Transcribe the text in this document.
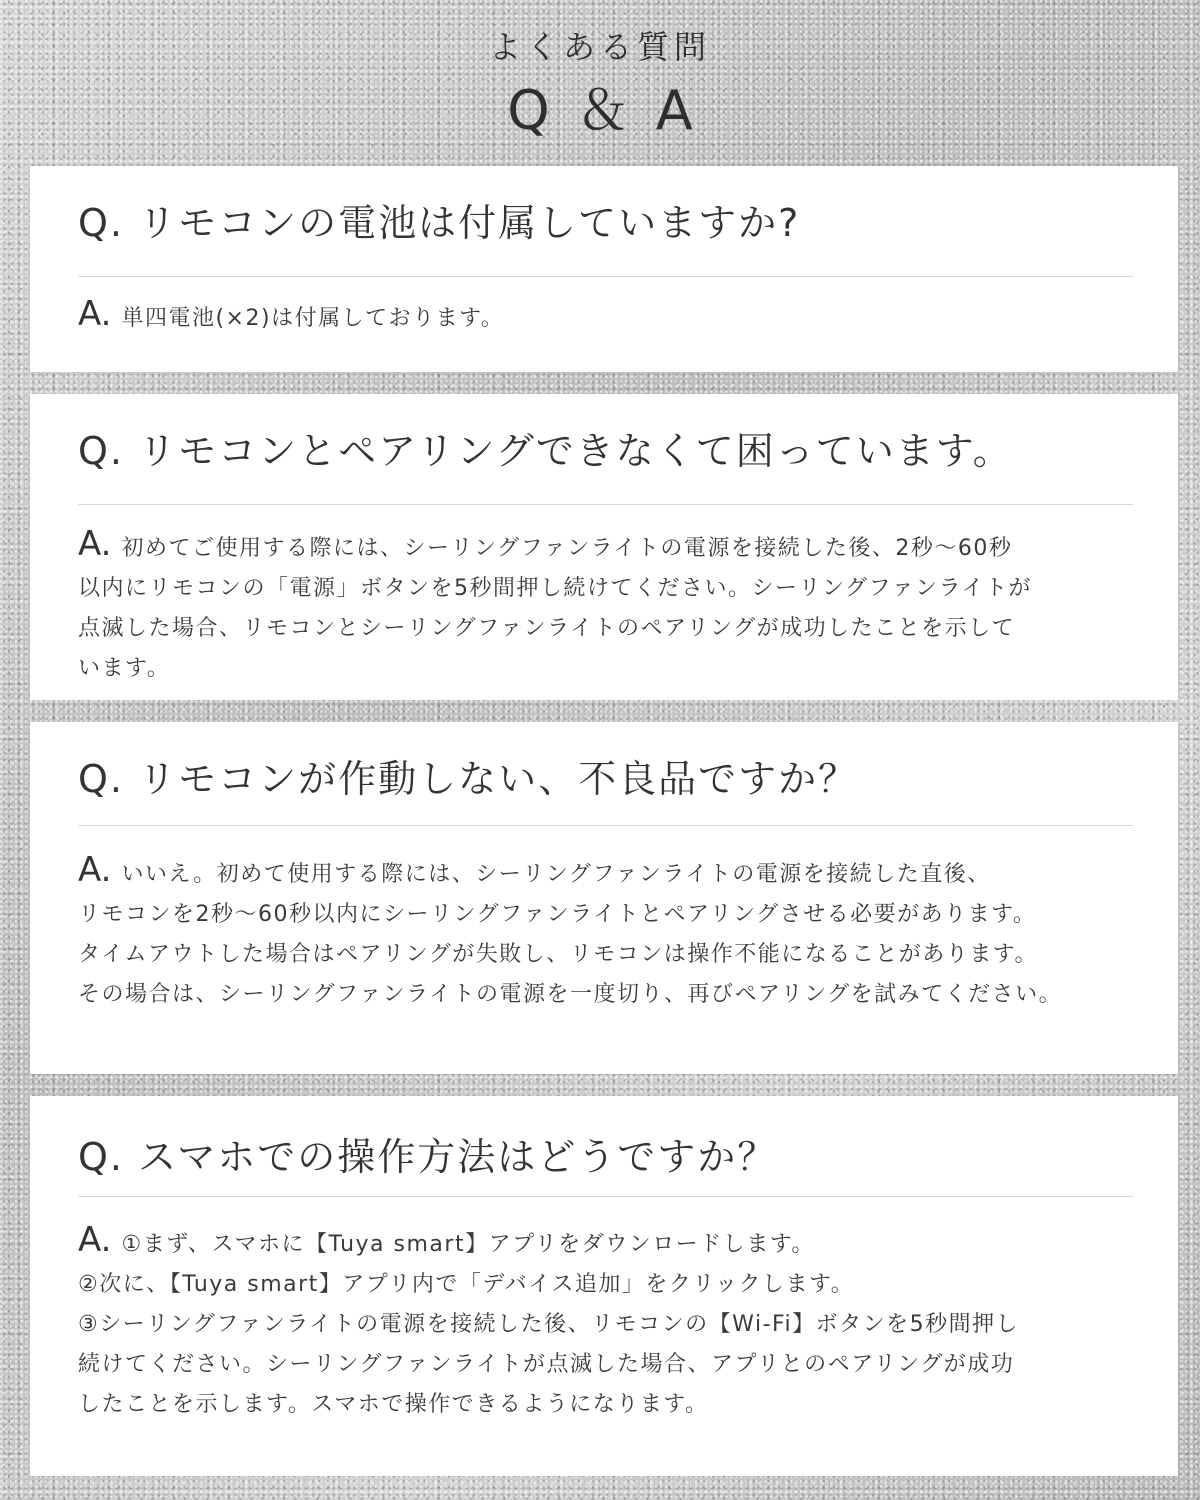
よくある質問
Q＆A
Q. リモコンの電池は付属していますか?
A. 単四電池(×2)は付属しております。
Q. リモコンとペアリングできなくて困っています。
A. 初めてご使用する際には、シーリングファンライトの電源を接続した後、2秒～60秒
以内にリモコンの「電源」ボタンを5秒間押し続けてください。シーリングファンライトが
点滅した場合、リモコンとシーリングファンライトのペアリングが成功したことを示して
います。
Q. リモコンが作動しない、不良品ですか？
A. いいえ。初めて使用する際には、シーリングファンライトの電源を接続した直後、
リモコンを2秒～60秒以内にシーリングファンライトとペアリングさせる必要があります。
タイムアウトした場合はペアリングが失敗し、リモコンは操作不能になることがあります。
その場合は、シーリングファンライトの電源を一度切り、再びペアリングを試みてください。
Q. スマホでの操作方法はどうですか？
A. ①まず、スマホに【Tuya smart】アプリをダウンロードします。
②次に、【Tuya smart】アプリ内で「デバイス追加」をクリックします。
③シーリングファンライトの電源を接続した後、リモコンの【Wi-Fi】ボタンを5秒間押し
続けてください。シーリングファンライトが点滅した場合、アプリとのペアリングが成功
したことを示します。スマホで操作できるようになります。
